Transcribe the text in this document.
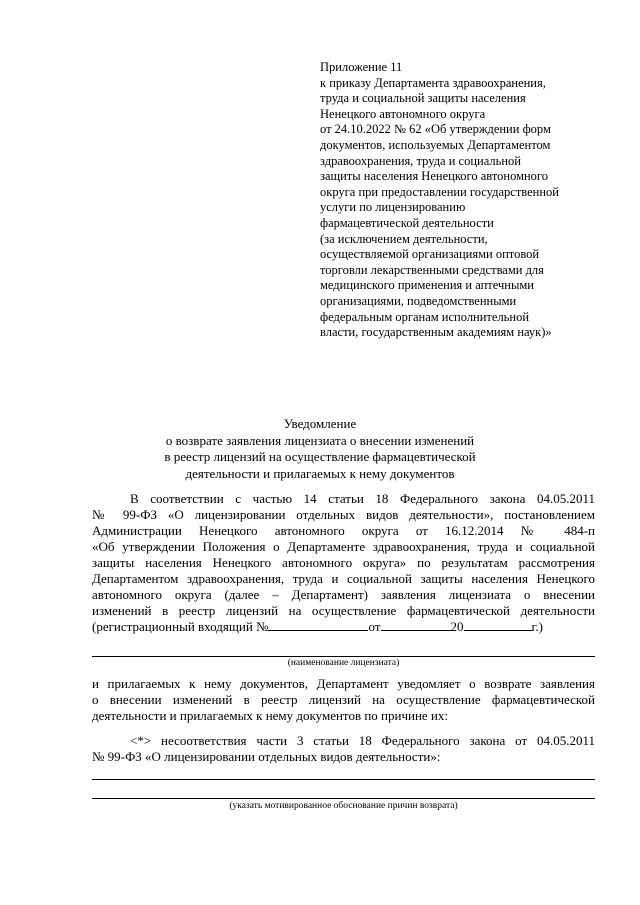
Приложение 11
к приказу Департамента здравоохранения,
труда и социальной защиты населения
Ненецкого автономного округа
от 24.10.2022 № 62 «Об утверждении форм
документов, используемых Департаментом
здравоохранения, труда и социальной
защиты населения Ненецкого автономного
округа при предоставлении государственной
услуги по лицензированию
фармацевтической деятельности
(за исключением деятельности,
осуществляемой организациями оптовой
торговли лекарственными средствами для
медицинского применения и аптечными
организациями, подведомственными
федеральным органам исполнительной
власти, государственным академиям наук)»
Уведомление
о возврате заявления лицензиата о внесении изменений
в реестр лицензий на осуществление фармацевтической
деятельности и прилагаемых к нему документов
В соответствии с частью 14 статьи 18 Федерального закона 04.05.2011
№ 99-ФЗ «О лицензировании отдельных видов деятельности», постановлением
Администрации Ненецкого автономного округа от 16.12.2014 № 484-п
«Об утверждении Положения о Департаменте здравоохранения, труда и социальной
защиты населения Ненецкого автономного округа» по результатам рассмотрения
Департаментом здравоохранения, труда и социальной защиты населения Ненецкого
автономного округа (далее – Департамент) заявления лицензиата о внесении
изменений в реестр лицензий на осуществление фармацевтической деятельности
(регистрационный входящий №	от	20	г.)
(наименование лицензиата)
и прилагаемых к нему документов, Департамент уведомляет о возврате заявления
о внесении изменений в реестр лицензий на осуществление фармацевтической
деятельности и прилагаемых к нему документов по причине их:
<*> несоответствия части 3 статьи 18 Федерального закона от 04.05.2011
№ 99-ФЗ «О лицензировании отдельных видов деятельности»:
(указать мотивированное обоснование причин возврата)
